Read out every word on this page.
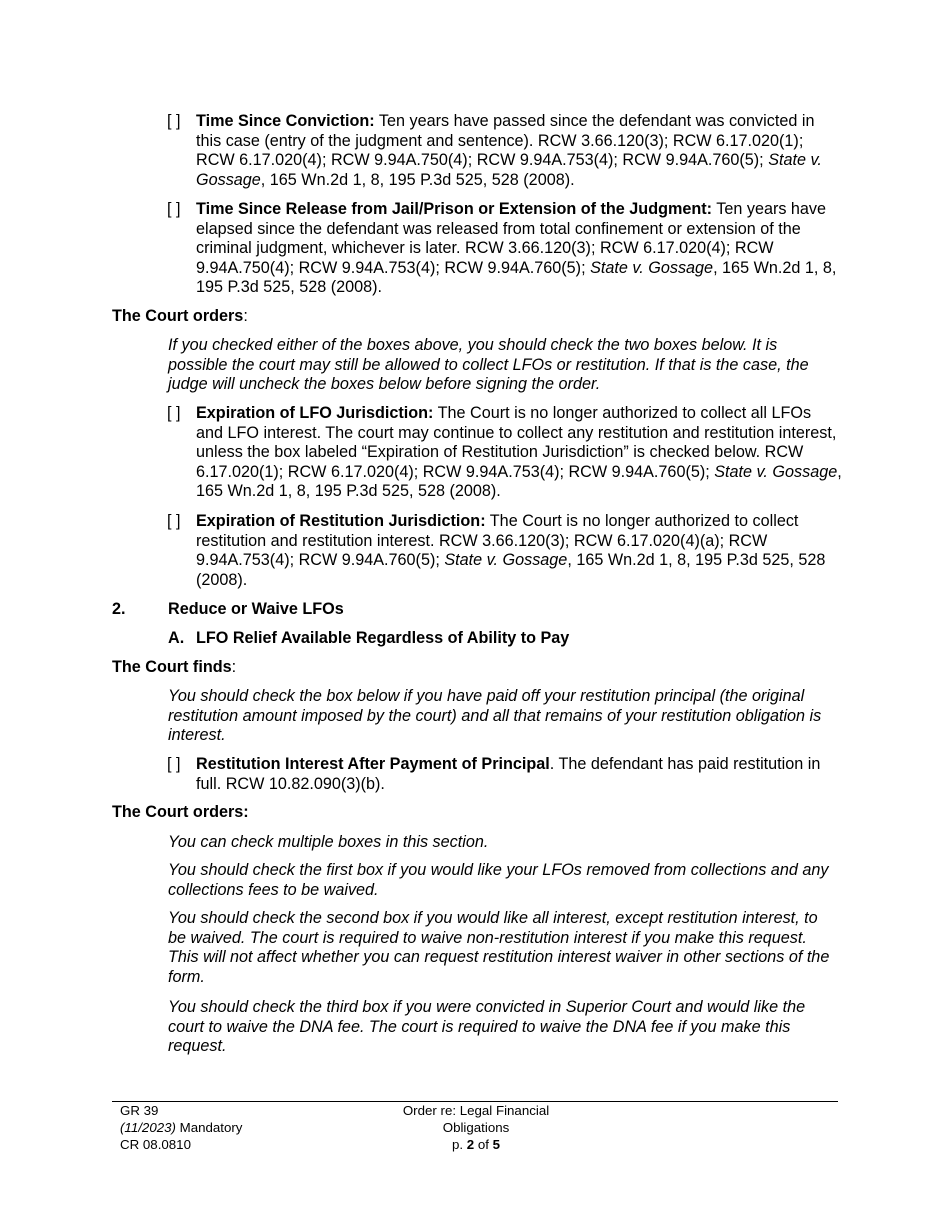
[ ] Time Since Conviction: Ten years have passed since the defendant was convicted in this case (entry of the judgment and sentence). RCW 3.66.120(3); RCW 6.17.020(1); RCW 6.17.020(4); RCW 9.94A.750(4); RCW 9.94A.753(4); RCW 9.94A.760(5); State v. Gossage, 165 Wn.2d 1, 8, 195 P.3d 525, 528 (2008).
[ ] Time Since Release from Jail/Prison or Extension of the Judgment: Ten years have elapsed since the defendant was released from total confinement or extension of the criminal judgment, whichever is later. RCW 3.66.120(3); RCW 6.17.020(4); RCW 9.94A.750(4); RCW 9.94A.753(4); RCW 9.94A.760(5); State v. Gossage, 165 Wn.2d 1, 8, 195 P.3d 525, 528 (2008).
The Court orders:
If you checked either of the boxes above, you should check the two boxes below. It is possible the court may still be allowed to collect LFOs or restitution. If that is the case, the judge will uncheck the boxes below before signing the order.
[ ] Expiration of LFO Jurisdiction: The Court is no longer authorized to collect all LFOs and LFO interest. The court may continue to collect any restitution and restitution interest, unless the box labeled “Expiration of Restitution Jurisdiction” is checked below. RCW 6.17.020(1); RCW 6.17.020(4); RCW 9.94A.753(4); RCW 9.94A.760(5); State v. Gossage, 165 Wn.2d 1, 8, 195 P.3d 525, 528 (2008).
[ ] Expiration of Restitution Jurisdiction: The Court is no longer authorized to collect restitution and restitution interest. RCW 3.66.120(3); RCW 6.17.020(4)(a); RCW 9.94A.753(4); RCW 9.94A.760(5); State v. Gossage, 165 Wn.2d 1, 8, 195 P.3d 525, 528 (2008).
2.	Reduce or Waive LFOs
A. LFO Relief Available Regardless of Ability to Pay
The Court finds:
You should check the box below if you have paid off your restitution principal (the original restitution amount imposed by the court) and all that remains of your restitution obligation is interest.
[ ] Restitution Interest After Payment of Principal. The defendant has paid restitution in full. RCW 10.82.090(3)(b).
The Court orders:
You can check multiple boxes in this section.
You should check the first box if you would like your LFOs removed from collections and any collections fees to be waived.
You should check the second box if you would like all interest, except restitution interest, to be waived. The court is required to waive non-restitution interest if you make this request. This will not affect whether you can request restitution interest waiver in other sections of the form.
You should check the third box if you were convicted in Superior Court and would like the court to waive the DNA fee. The court is required to waive the DNA fee if you make this request.
GR 39
(11/2023) Mandatory
CR 08.0810
Order re: Legal Financial
Obligations
p. 2 of 5
